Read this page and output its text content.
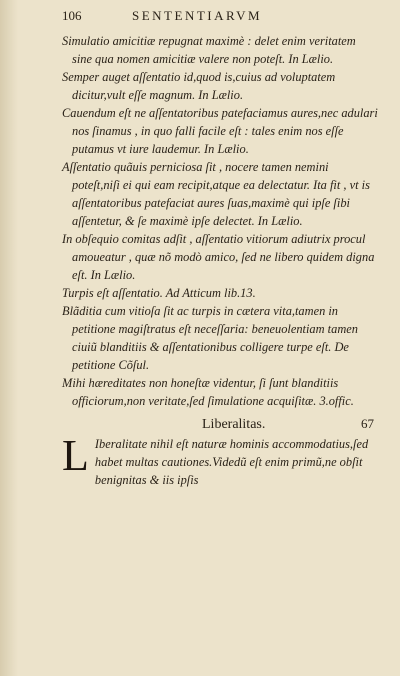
106	SENTENTIARVM

Simulatio amicitiæ repugnat maximè : delet enim veritatem sine qua nomen amicitiæ valere non poteſt. In Lælio.

Semper auget aſſentatio id,quod is,cuius ad voluptatem dicitur,vult eſſe magnum. In Lælio.

Cauendum eſt ne aſſentatoribus patefaciamus aures,nec adulari nos ſinamus , in quo falli facile eſt : tales enim nos eſſe putamus vt iure laudemur. In Lælio.

Aſſentatio quãuis perniciosa ſit , nocere tamen nemini poteſt,niſi ei qui eam recipit,atque ea delectatur. Ita fit , vt is aſſentatoribus patefaciat aures ſuas,maximè qui ipſe ſibi aſſentetur, & ſe maximè ipſe delectet. In Lælio.

In obſequio comitas adſit , aſſentatio vitiorum adiutrix procul amoueatur , quæ nõ modò amico, ſed ne libero quidem digna eſt. In Lælio.

Turpis eſt aſſentatio. Ad Atticum lib.13.

Blãditia cum vitioſa ſit ac turpis in cætera vita,tamen in petitione magiſtratus eſt neceſſaria: beneuolentiam tamen ciuiũ blanditiis & aſſentationibus colligere turpe eſt. De petitione Cõſul.

Mihi hæreditates non honeſtæ videntur, ſi ſunt blanditiis officiorum,non veritate,ſed ſimulatione acquiſitæ. 3.offic.

Liberalitas.	67
L Iberalitate nihil eſt naturæ hominis accommodatius,ſed habet multas cautiones.Videdũ eſt enim primũ,ne obſit benignitas & iis ipſis
